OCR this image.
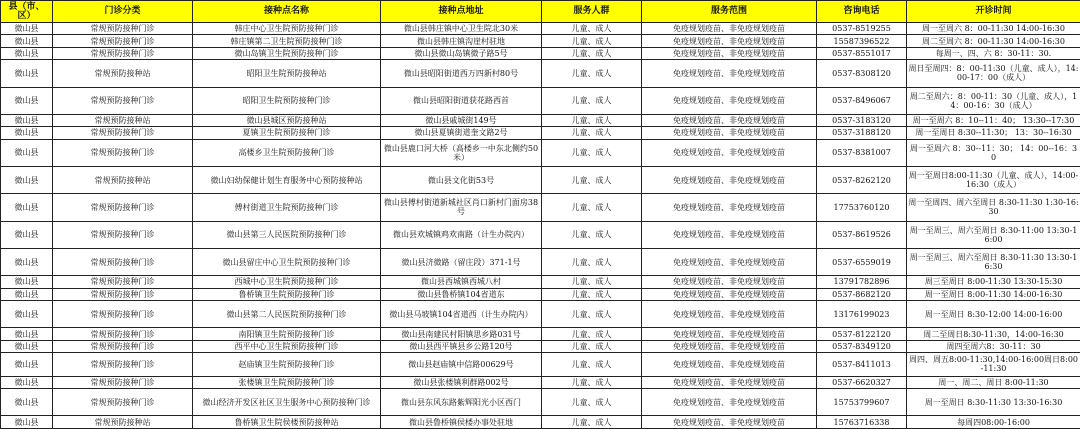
县（市、区）	门诊分类	接种点名称	接种点地址	服务人群	服务范围	咨询电话	开诊时间
微山县	常规预防接种门诊	韩庄中心卫生院预防接种门诊	微山县韩庄镇中心卫生院北30米	儿童、成人	免疫规划疫苗、非免疫规划疫苗	0537-8519255	周一至周六 8：00-11:30 14:00-16:30
微山县	常规预防接种门诊	韩庄镇第二卫生院预防接种门诊	微山县韩庄镇沟崖村驻地	儿童、成人	免疫规划疫苗、非免疫规划疫苗	15587396522	周二至周六 8：00-11:30 14:00-16:30
微山县	常规预防接种门诊	微山岛镇卫生院预防接种门诊	微山县微山岛镇微子路5号	儿童、成人	免疫规划疫苗、非免疫规划疫苗	0537-8551017	每周一、四、六 8：30-11：30.
微山县	常规预防接种站	昭阳卫生院预防接种站	微山县昭阳街道西万四新村80号	儿童、成人	免疫规划疫苗、非免疫规划疫苗	0537-8308120	周日至周四：8：00-11:30（儿童、成人），14:00-17：00（成人）
微山县	常规预防接种门诊	昭阳卫生院预防接种门诊	微山县昭阳街道获花路西首	儿童、成人	免疫规划疫苗、非免疫规划疫苗	0537-8496067	周二至周六：8：00-11：30（儿童、成人），14：00-16：30（成人）
微山县	常规预防接种站	微山县城区预防接种站	微山县戚城街149号	儿童、成人	免疫规划疫苗、非免疫规划疫苗	0537-3183120	周一至周六 8：10--11：40； 13:30--17:30
微山县	常规预防接种门诊	夏镇卫生院预防接种门诊	微山县夏镇街道奎文路2号	儿童、成人	免疫规划疫苗、非免疫规划疫苗	0537-3188120	周一至周日 8:30--11:30； 13：30--16:30
微山县	常规预防接种门诊	高楼乡卫生院预防接种门诊	微山县鹿口河大桥（高楼乡一中东北侧约50米）	儿童、成人	免疫规划疫苗、非免疫规划疫苗	0537-8381007	周一至周六 8：30--11：30； 14：00--16：30
微山县	常规预防接种站	微山妇幼保健计划生育服务中心预防接种站	微山县文化街53号	儿童、成人	免疫规划疫苗、非免疫规划疫苗	0537-8262120	周一至周日8:00-11:30（儿童、成人），14:00-16:30（成人）
微山县	常规预防接种门诊	傅村街道卫生院预防接种门诊	微山县傅村街道新城社区肖口新村门面房38号	儿童、成人	免疫规划疫苗、非免疫规划疫苗	17753760120	周一至周四、周六至周日 8:30-11:30 1:30-16:30
微山县	常规预防接种门诊	微山县第三人民医院预防接种门诊	微山县欢城镇鸡欢南路（计生办院内）	儿童、成人	免疫规划疫苗、非免疫规划疫苗	0537-8619526	周一至周三、周六至周日 8:30-11:00 13:30-16:00
微山县	常规预防接种门诊	微山县留庄中心卫生院预防接种门诊	微山县济微路（留庄段）371-1号	儿童、成人	免疫规划疫苗、非免疫规划疫苗	0537-6559019	周一至周三、周六至周日 8:30-11:30 13:30-16:30
微山县	常规预防接种门诊	西城中心卫生院预防接种门诊	微山县西城镇西城八村	儿童、成人	免疫规划疫苗、非免疫规划疫苗	13791782896	周三至周日 8:00-11:30 13:30-15:30
微山县	常规预防接种门诊	鲁桥镇卫生院预防接种门诊	微山县鲁桥镇104省道东	儿童、成人	免疫规划疫苗、非免疫规划疫苗	0537-8682120	周一至周日 8:00-11:30 14:00-16:30
微山县	常规预防接种门诊	微山县第二人民医院预防接种门诊	微山县马坡镇104省道西（计生办院内）	儿童、成人	免疫规划疫苗、非免疫规划疫苗	13176199023	周一至周日 8:30-12:00 14:00-16:00
微山县	常规预防接种门诊	南阳镇卫生院预防接种门诊	微山县南建民村阳镇思乡路031号	儿童、成人	免疫规划疫苗、非免疫规划疫苗	0537-8122120	周二至周日8:30-11:30，14:00-16:30
微山县	常规预防接种门诊	西平中心卫生院预防接种门诊	微山县西平镇县乡公路120号	儿童、成人	免疫规划疫苗、非免疫规划疫苗	0537-8349120	周四至周六8：30-11：30
微山县	常规预防接种门诊	赵庙镇卫生院预防接种门诊	微山县赵庙镇中信路00629号	儿童、成人	免疫规划疫苗、非免疫规划疫苗	0537-8411013	周四、周五8:00-11:30,14:00-16:00周日8:00-11:30
微山县	常规预防接种门诊	张楼镇卫生院预防接种门诊	微山县张楼镇利群路002号	儿童、成人	免疫规划疫苗、非免疫规划疫苗	0537-6620327	周一、周二、周日 8:00-11:30
微山县	常规预防接种门诊	微山经济开发区社区卫生服务中心预防接种门诊	微山县东风东路紫辉阳光小区西门	儿童、成人	免疫规划疫苗、非免疫规划疫苗	15753799607	周一至周日 8:30-11:30 13:30-16:30
微山县	常规预防接种站	鲁桥镇卫生院侯楼预防接种站	微山县鲁桥镇侯楼办事处驻地	儿童、成人	免疫规划疫苗、非免疫规划疫苗	15763716338	每周四08:00-16:00
